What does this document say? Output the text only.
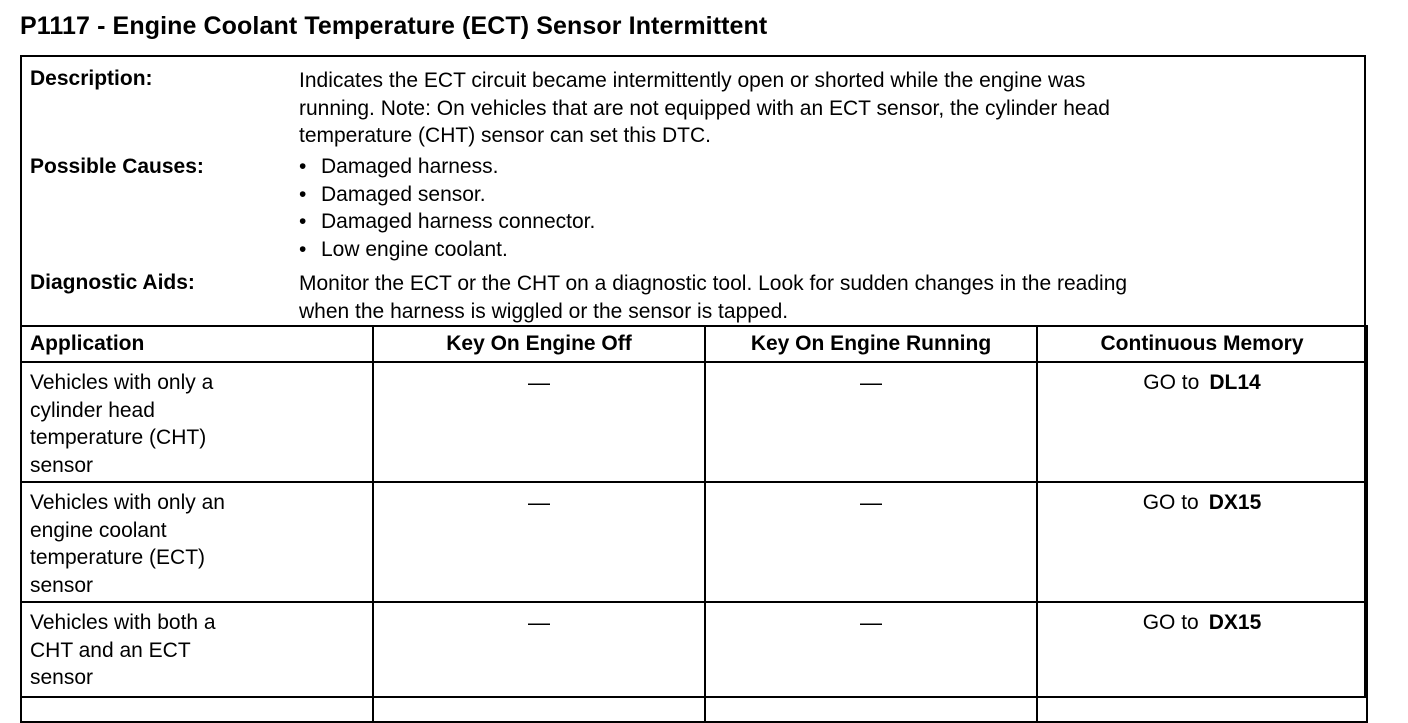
P1117 - Engine Coolant Temperature (ECT) Sensor Intermittent
Description:	Indicates the ECT circuit became intermittently open or shorted while the engine was

running. Note: On vehicles that are not equipped with an ECT sensor, the cylinder head

temperature (CHT) sensor can set this DTC.

Possible Causes:	• Damaged harness.
• Damaged sensor.
• Damaged harness connector.
• Low engine coolant.
Diagnostic Aids:	Monitor the ECT or the CHT on a diagnostic tool. Look for sudden changes in the reading

when the harness is wiggled or the sensor is tapped.

Application	Key On Engine Off	Key On Engine Running	Continuous Memory

Vehicles with only a
cylinder head
temperature (CHT)
sensor	—	—	GO to DL14

Vehicles with only an
engine coolant
temperature (ECT)
sensor	—	—	GO to DX15

Vehicles with both a
CHT and an ECT
sensor	—	—	GO to DX15
